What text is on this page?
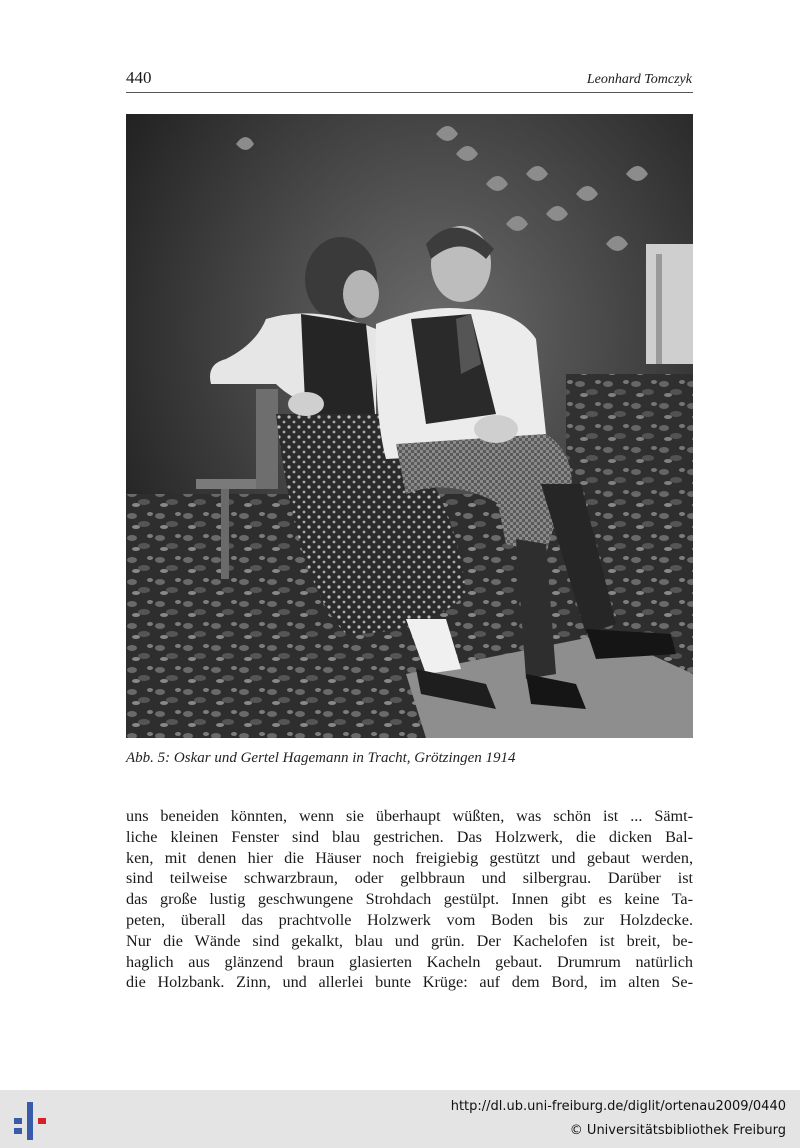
440	Leonhard Tomczyk
Abb. 5: Oskar und Gertel Hagemann in Tracht, Grötzingen 1914
uns beneiden könnten, wenn sie überhaupt wüßten, was schön ist ... Sämt-
liche kleinen Fenster sind blau gestrichen. Das Holzwerk, die dicken Bal-
ken, mit denen hier die Häuser noch freigiebig gestützt und gebaut werden,
sind teilweise schwarzbraun, oder gelbbraun und silbergrau. Darüber ist
das große lustig geschwungene Strohdach gestülpt. Innen gibt es keine Ta-
peten, überall das prachtvolle Holzwerk vom Boden bis zur Holzdecke.
Nur die Wände sind gekalkt, blau und grün. Der Kachelofen ist breit, be-
haglich aus glänzend braun glasierten Kacheln gebaut. Drumrum natürlich
die Holzbank. Zinn, und allerlei bunte Krüge: auf dem Bord, im alten Se-
http://dl.ub.uni-freiburg.de/diglit/ortenau2009/0440
© Universitätsbibliothek Freiburg
